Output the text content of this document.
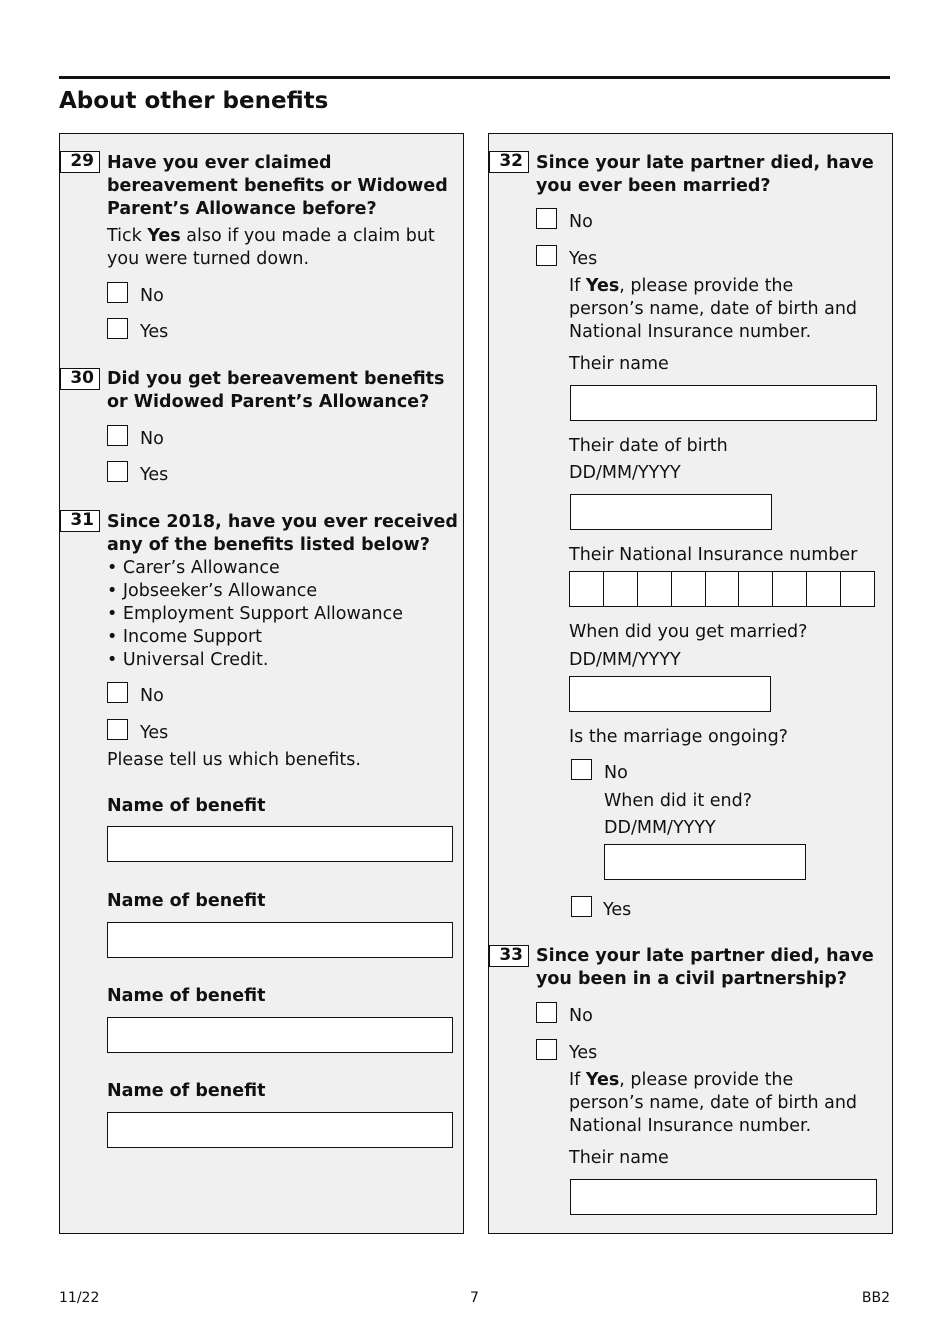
About other benefits
29 Have you ever claimed bereavement benefits or Widowed Parent’s Allowance before?
Tick Yes also if you made a claim but you were turned down.
No
Yes
30 Did you get bereavement benefits or Widowed Parent’s Allowance?
No
Yes
31 Since 2018, have you ever received any of the benefits listed below?
• Carer’s Allowance
• Jobseeker’s Allowance
• Employment Support Allowance
• Income Support
• Universal Credit.
No
Yes
Please tell us which benefits.
Name of benefit
Name of benefit
Name of benefit
Name of benefit
32 Since your late partner died, have you ever been married?
No
Yes
If Yes, please provide the person’s name, date of birth and National Insurance number.
Their name
Their date of birth
DD/MM/YYYY
Their National Insurance number
When did you get married?
DD/MM/YYYY
Is the marriage ongoing?
No
When did it end?
DD/MM/YYYY
Yes
33 Since your late partner died, have you been in a civil partnership?
No
Yes
If Yes, please provide the person’s name, date of birth and National Insurance number.
Their name
11/22	7	BB2
